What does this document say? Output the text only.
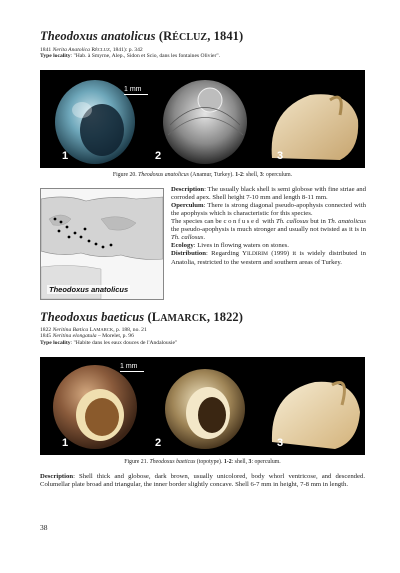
Theodoxus anatolicus (RÉCLUZ, 1841)
1841 Nerita Anatolica RÉCLUZ, 1841): p. 342
Type locality: "Hab. à Smyrne, Alep., Sidon et Scio, dans les fontaines Olivier".
1	2	3
1 mm
Figure 20. Theodoxus anatolicus (Anamur, Turkey). 1-2: shell, 3: operculum.
Theodoxus anatolicus

Description: The usually black shell is semi globose with fine striae and corroded apex. Shell height 7-10 mm and length 8-11 mm.

Operculum: There is strong diagonal pseudo-apophysis connected with the apophysis which is characteristic for this species.

The species can be confused with Th. callosus but in Th. anatolicus the pseudo-apophysis is much stronger and usually not twisted as it is in Th. callosus.

Ecology: Lives in flowing waters on stones.

Distribution: Regarding YILDIRIM (1999) it is widely distributed in Anatolia, restricted to the western and southern areas of Turkey.

Theodoxus baeticus (LAMARCK, 1822)
1822 Neritina Bætica LAMARCK, p. 188, no. 21
1845 Neritina elongatula – Morelet, p. 96
Type locality: "Habite dans les eaux douces de l'Andalousie"
1	2	3
1 mm
Figure 21. Theodoxus baeticus (topotype). 1-2: shell, 3: operculum.
Description: Shell thick and globose, dark brown, usually unicolored, body whorl ventricose, and descended. Columellar plate broad and triangular, the inner border slightly concave. Shell 6-7 mm in height, 7-8 mm in length.
38
